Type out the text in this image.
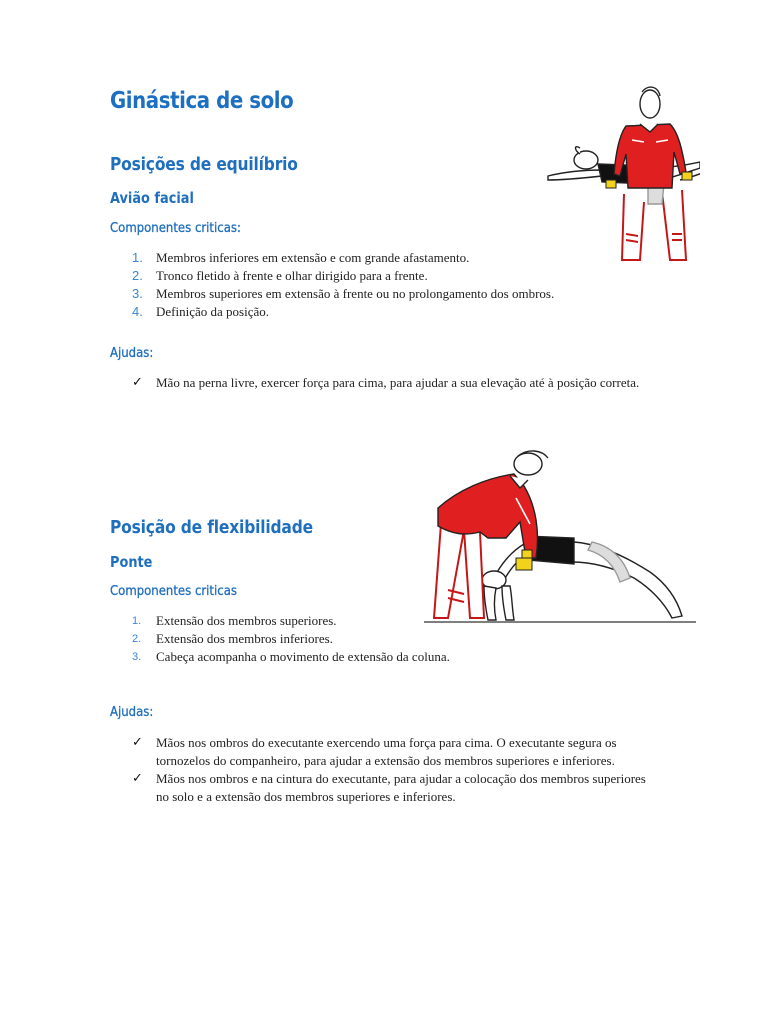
Ginástica de solo
Posições de equilíbrio
Avião facial
Componentes criticas:
1. Membros inferiores em extensão e com grande afastamento.
2. Tronco fletido à frente e olhar dirigido para a frente.
3. Membros superiores em extensão à frente ou no prolongamento dos ombros.
4. Definição da posição.
Ajudas:
✓ Mão na perna livre, exercer força para cima, para ajudar a sua elevação até à posição correta.
Posição de flexibilidade
Ponte
Componentes criticas
1. Extensão dos membros superiores.
2. Extensão dos membros inferiores.
3. Cabeça acompanha o movimento de extensão da coluna.
Ajudas:
✓ Mãos nos ombros do executante exercendo uma força para cima. O executante segura os tornozelos do companheiro, para ajudar a extensão dos membros superiores e inferiores.
✓ Mãos nos ombros e na cintura do executante, para ajudar a colocação dos membros superiores no solo e a extensão dos membros superiores e inferiores.
